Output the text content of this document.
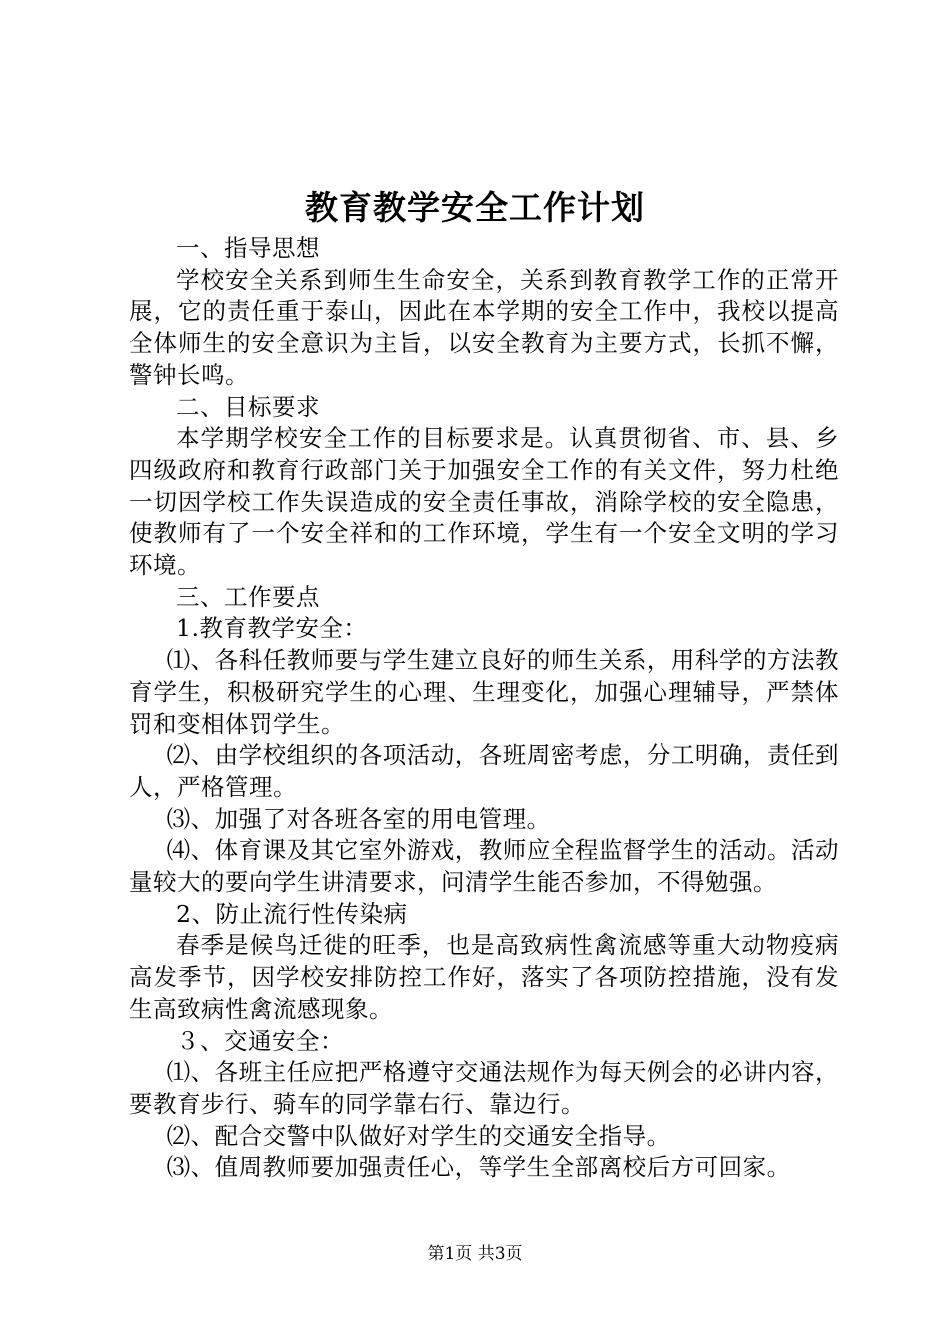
教育教学安全工作计划

一、指导思想

学校安全关系到师生生命安全，关系到教育教学工作的正常开展，它的责任重于泰山，因此在本学期的安全工作中，我校以提高全体师生的安全意识为主旨，以安全教育为主要方式，长抓不懈，警钟长鸣。

二、目标要求

本学期学校安全工作的目标要求是。认真贯彻省、市、县、乡四级政府和教育行政部门关于加强安全工作的有关文件，努力杜绝一切因学校工作失误造成的安全责任事故，消除学校的安全隐患，使教师有了一个安全祥和的工作环境，学生有一个安全文明的学习环境。

三、工作要点

1.教育教学安全：

⑴、各科任教师要与学生建立良好的师生关系，用科学的方法教育学生，积极研究学生的心理、生理变化，加强心理辅导，严禁体罚和变相体罚学生。

⑵、由学校组织的各项活动，各班周密考虑，分工明确，责任到人，严格管理。

⑶、加强了对各班各室的用电管理。

⑷、体育课及其它室外游戏，教师应全程监督学生的活动。活动量较大的要向学生讲清要求，问清学生能否参加，不得勉强。

2、防止流行性传染病

春季是候鸟迁徙的旺季，也是高致病性禽流感等重大动物疫病高发季节，因学校安排防控工作好，落实了各项防控措施，没有发生高致病性禽流感现象。

３、交通安全：

⑴、各班主任应把严格遵守交通法规作为每天例会的必讲内容，要教育步行、骑车的同学靠右行、靠边行。

⑵、配合交警中队做好对学生的交通安全指导。

⑶、值周教师要加强责任心，等学生全部离校后方可回家。

第1页 共3页
